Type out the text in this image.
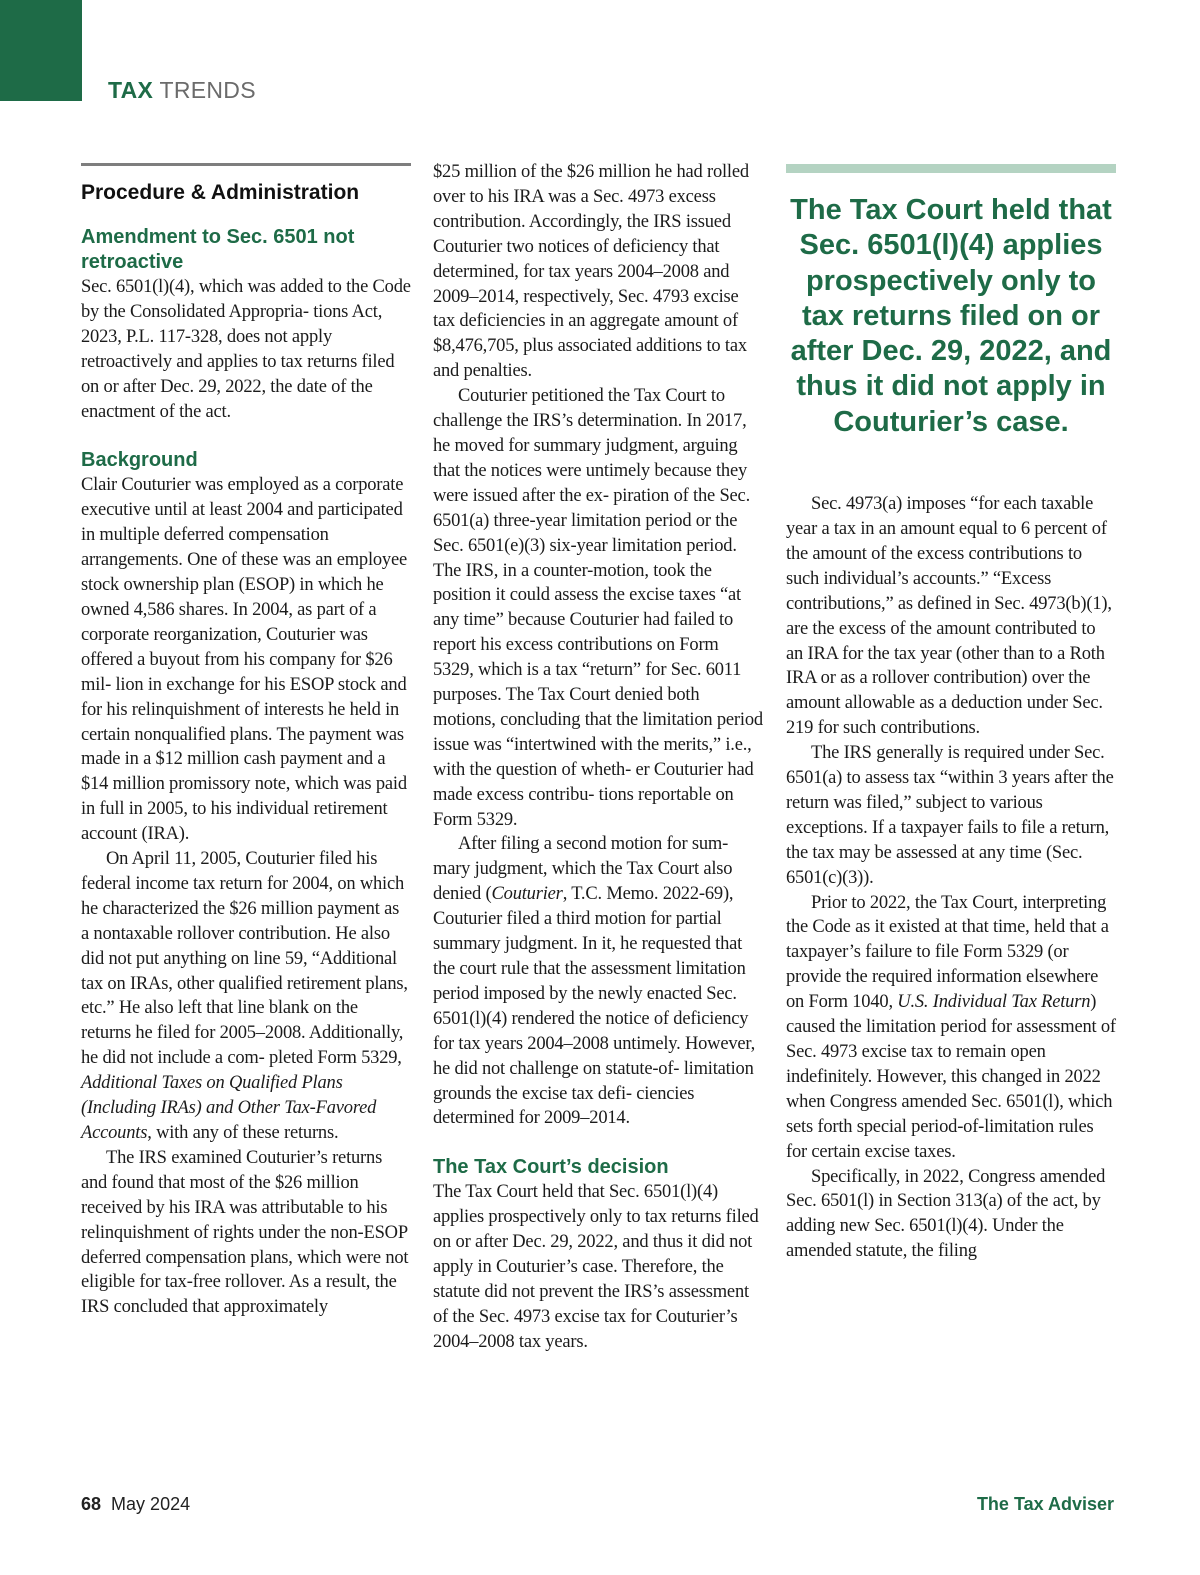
TAX TRENDS
Procedure & Administration
Amendment to Sec. 6501 not retroactive

Sec. 6501(l)(4), which was added to the Code by the Consolidated Appropria- tions Act, 2023, P.L. 117-328, does not apply retroactively and applies to tax returns filed on or after Dec. 29, 2022, the date of the enactment of the act.

Background

Clair Couturier was employed as a corporate executive until at least 2004 and participated in multiple deferred compensation arrangements. One of these was an employee stock ownership plan (ESOP) in which he owned 4,586 shares. In 2004, as part of a corporate reorganization, Couturier was offered a buyout from his company for $26 mil- lion in exchange for his ESOP stock and for his relinquishment of interests he held in certain nonqualified plans. The payment was made in a $12 million cash payment and a $14 million promissory note, which was paid in full in 2005, to his individual retirement account (IRA).

On April 11, 2005, Couturier filed his federal income tax return for 2004, on which he characterized the $26 million payment as a nontaxable rollover contribution. He also did not put anything on line 59, “Additional tax on IRAs, other qualified retirement plans, etc.” He also left that line blank on the returns he filed for 2005–2008. Additionally, he did not include a com- pleted Form 5329, Additional Taxes on Qualified Plans (Including IRAs) and Other Tax-Favored Accounts, with any of these returns.

The IRS examined Couturier’s returns and found that most of the $26 million received by his IRA was attributable to his relinquishment of rights under the non-ESOP deferred compensation plans, which were not eligible for tax-free rollover. As a result, the IRS concluded that approximately

$25 million of the $26 million he had rolled over to his IRA was a Sec. 4973 excess contribution. Accordingly, the IRS issued Couturier two notices of deficiency that determined, for tax years 2004–2008 and 2009–2014, respectively, Sec. 4793 excise tax deficiencies in an aggregate amount of $8,476,705, plus associated additions to tax and penalties.

Couturier petitioned the Tax Court to challenge the IRS’s determination. In 2017, he moved for summary judgment, arguing that the notices were untimely because they were issued after the ex- piration of the Sec. 6501(a) three-year limitation period or the Sec. 6501(e)(3) six-year limitation period. The IRS, in a counter-motion, took the position it could assess the excise taxes “at any time” because Couturier had failed to report his excess contributions on Form 5329, which is a tax “return” for Sec. 6011 purposes. The Tax Court denied both motions, concluding that the limitation period issue was “intertwined with the merits,” i.e., with the question of wheth- er Couturier had made excess contribu- tions reportable on Form 5329.

After filing a second motion for sum- mary judgment, which the Tax Court also denied (Couturier, T.C. Memo. 2022-69), Couturier filed a third motion for partial summary judgment. In it, he requested that the court rule that the assessment limitation period imposed by the newly enacted Sec. 6501(l)(4) rendered the notice of deficiency for tax years 2004–2008 untimely. However, he did not challenge on statute-of- limitation grounds the excise tax defi- ciencies determined for 2009–2014.

The Tax Court’s decision

The Tax Court held that Sec. 6501(l)(4) applies prospectively only to tax returns filed on or after Dec. 29, 2022, and thus it did not apply in Couturier’s case. Therefore, the statute did not prevent the IRS’s assessment of the Sec. 4973 excise tax for Couturier’s 2004–2008 tax years.

The Tax Court held that Sec. 6501(l)(4) applies prospectively only to tax returns filed on or after Dec. 29, 2022, and thus it did not apply in Couturier’s case.

Sec. 4973(a) imposes “for each taxable year a tax in an amount equal to 6 percent of the amount of the excess contributions to such individual’s accounts.” “Excess contributions,” as defined in Sec. 4973(b)(1), are the excess of the amount contributed to an IRA for the tax year (other than to a Roth IRA or as a rollover contribution) over the amount allowable as a deduction under Sec. 219 for such contributions.

The IRS generally is required under Sec. 6501(a) to assess tax “within 3 years after the return was filed,” subject to various exceptions. If a taxpayer fails to file a return, the tax may be assessed at any time (Sec. 6501(c)(3)).

Prior to 2022, the Tax Court, interpreting the Code as it existed at that time, held that a taxpayer’s failure to file Form 5329 (or provide the required information elsewhere on Form 1040, U.S. Individual Tax Return) caused the limitation period for assessment of Sec. 4973 excise tax to remain open indefinitely. However, this changed in 2022 when Congress amended Sec. 6501(l), which sets forth special period-of-limitation rules for certain excise taxes.

Specifically, in 2022, Congress amended Sec. 6501(l) in Section 313(a) of the act, by adding new Sec. 6501(l)(4). Under the amended statute, the filing

68 May 2024	The Tax Adviser
